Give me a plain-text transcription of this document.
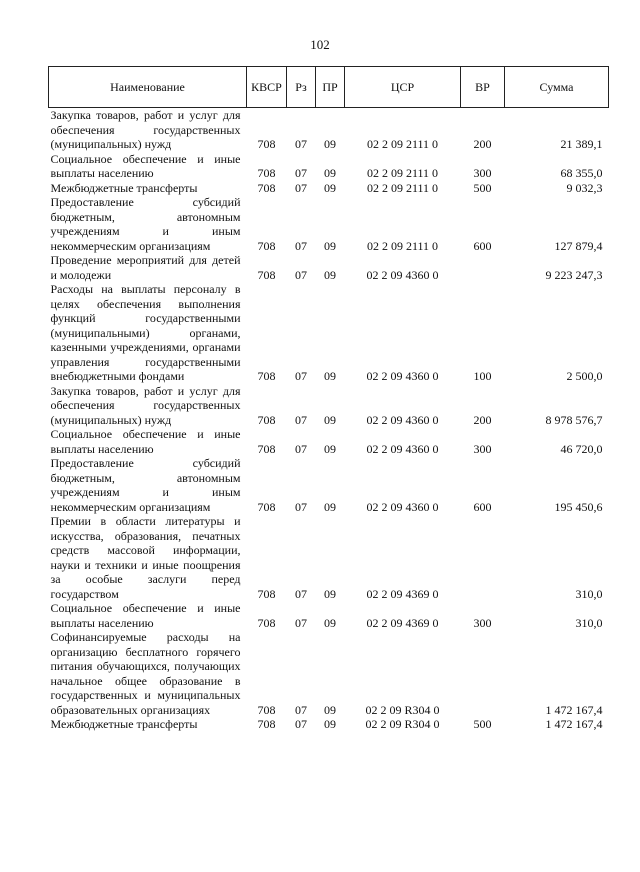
102
Наименование	КВСР	Рз	ПР	ЦСР	ВР	Сумма
Закупка товаров, работ и услуг для обеспечения государственных (муниципальных) нужд	708	07	09	02 2 09 2111 0	200	21 389,1
Социальное обеспечение и иные выплаты населению	708	07	09	02 2 09 2111 0	300	68 355,0
Межбюджетные трансферты	708	07	09	02 2 09 2111 0	500	9 032,3
Предоставление субсидий бюджетным, автономным учреждениям и иным некоммерческим организациям	708	07	09	02 2 09 2111 0	600	127 879,4
Проведение мероприятий для детей и молодежи	708	07	09	02 2 09 4360 0		9 223 247,3
Расходы на выплаты персоналу в целях обеспечения выполнения функций государственными (муниципальными) органами, казенными учреждениями, органами управления государственными внебюджетными фондами	708	07	09	02 2 09 4360 0	100	2 500,0
Закупка товаров, работ и услуг для обеспечения государственных (муниципальных) нужд	708	07	09	02 2 09 4360 0	200	8 978 576,7
Социальное обеспечение и иные выплаты населению	708	07	09	02 2 09 4360 0	300	46 720,0
Предоставление субсидий бюджетным, автономным учреждениям и иным некоммерческим организациям	708	07	09	02 2 09 4360 0	600	195 450,6
Премии в области литературы и искусства, образования, печатных средств массовой информации, науки и техники и иные поощрения за особые заслуги перед государством	708	07	09	02 2 09 4369 0		310,0
Социальное обеспечение и иные выплаты населению	708	07	09	02 2 09 4369 0	300	310,0
Софинансируемые расходы на организацию бесплатного горячего питания обучающихся, получающих начальное общее образование в государственных и муниципальных образовательных организациях	708	07	09	02 2 09 R304 0		1 472 167,4
Межбюджетные трансферты	708	07	09	02 2 09 R304 0	500	1 472 167,4
